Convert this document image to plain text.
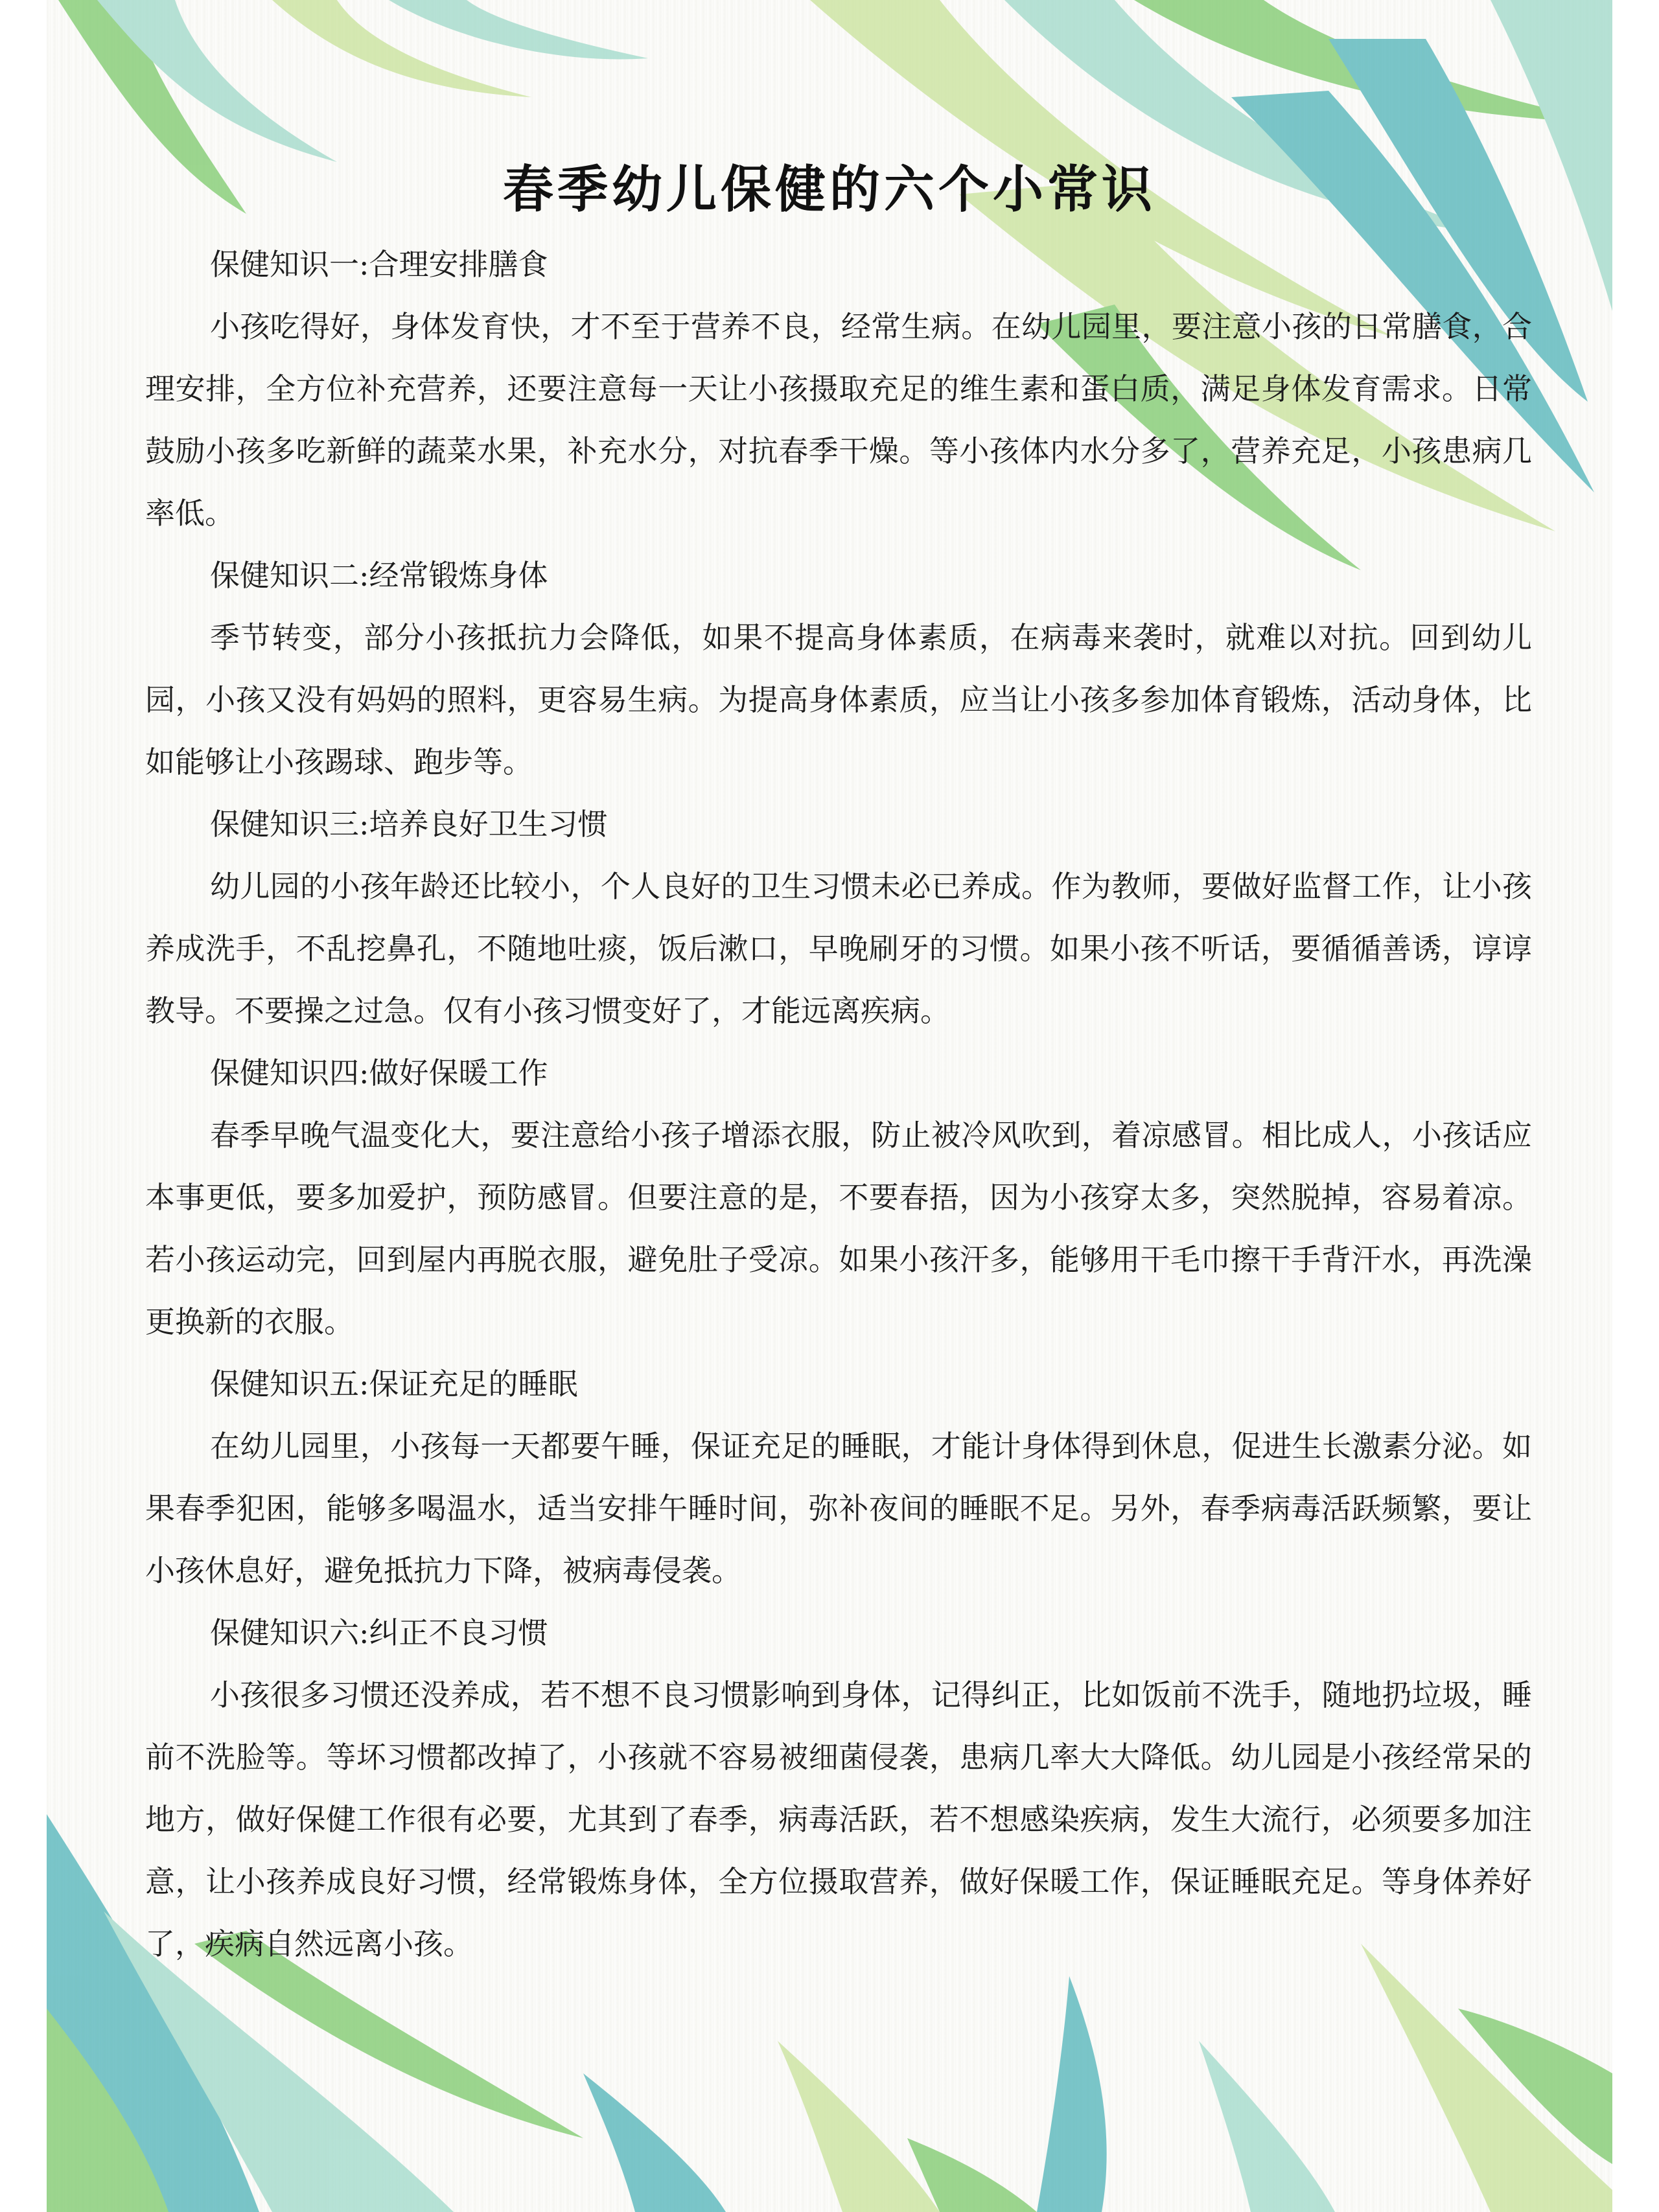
春季幼儿保健的六个小常识

保健知识一:合理安排膳食

小孩吃得好，身体发育快，才不至于营养不良，经常生病。在幼儿园里，要注意小孩的日常膳食，合理安排，全方位补充营养，还要注意每一天让小孩摄取充足的维生素和蛋白质，满足身体发育需求。日常鼓励小孩多吃新鲜的蔬菜水果，补充水分，对抗春季干燥。等小孩体内水分多了，营养充足，小孩患病几率低。

保健知识二:经常锻炼身体

季节转变，部分小孩抵抗力会降低，如果不提高身体素质，在病毒来袭时，就难以对抗。回到幼儿园，小孩又没有妈妈的照料，更容易生病。为提高身体素质，应当让小孩多参加体育锻炼，活动身体，比如能够让小孩踢球、跑步等。

保健知识三:培养良好卫生习惯

幼儿园的小孩年龄还比较小，个人良好的卫生习惯未必已养成。作为教师，要做好监督工作，让小孩养成洗手，不乱挖鼻孔，不随地吐痰，饭后漱口，早晚刷牙的习惯。如果小孩不听话，要循循善诱，谆谆教导。不要操之过急。仅有小孩习惯变好了，才能远离疾病。

保健知识四:做好保暖工作

春季早晚气温变化大，要注意给小孩子增添衣服，防止被冷风吹到，着凉感冒。相比成人，小孩话应本事更低，要多加爱护，预防感冒。但要注意的是，不要春捂，因为小孩穿太多，突然脱掉，容易着凉。若小孩运动完，回到屋内再脱衣服，避免肚子受凉。如果小孩汗多，能够用干毛巾擦干手背汗水，再洗澡更换新的衣服。

保健知识五:保证充足的睡眠

在幼儿园里，小孩每一天都要午睡，保证充足的睡眠，才能计身体得到休息，促进生长激素分泌。如果春季犯困，能够多喝温水，适当安排午睡时间，弥补夜间的睡眠不足。另外，春季病毒活跃频繁，要让小孩休息好，避免抵抗力下降，被病毒侵袭。

保健知识六:纠正不良习惯

小孩很多习惯还没养成，若不想不良习惯影响到身体，记得纠正，比如饭前不洗手，随地扔垃圾，睡前不洗脸等。等坏习惯都改掉了，小孩就不容易被细菌侵袭，患病几率大大降低。幼儿园是小孩经常呆的地方，做好保健工作很有必要，尤其到了春季，病毒活跃，若不想感染疾病，发生大流行，必须要多加注意，让小孩养成良好习惯，经常锻炼身体，全方位摄取营养，做好保暖工作，保证睡眠充足。等身体养好了，疾病自然远离小孩。
